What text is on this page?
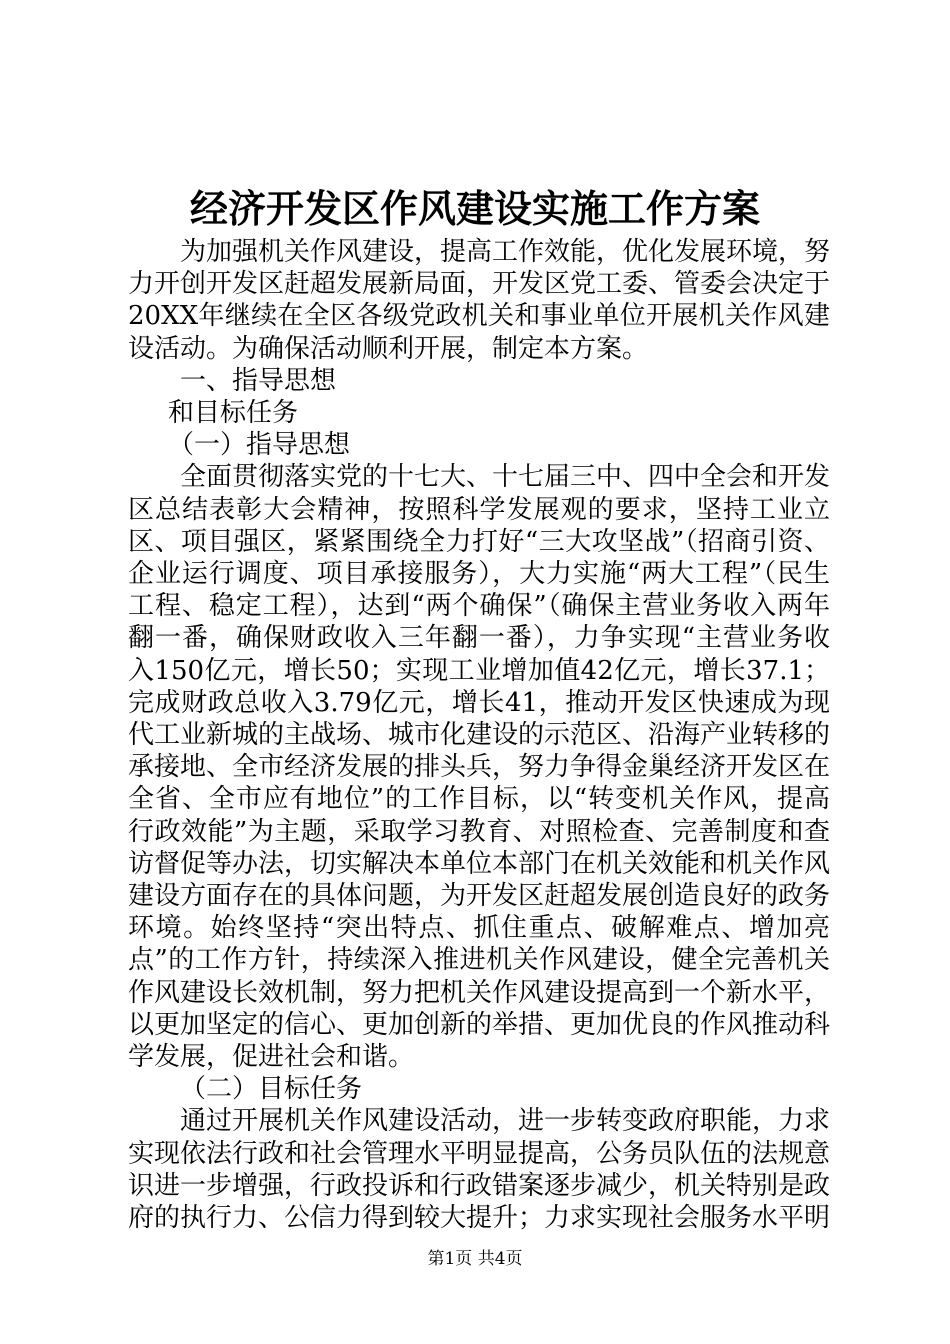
经济开发区作风建设实施工作方案

为加强机关作风建设，提高工作效能，优化发展环境，努力开创开发区赶超发展新局面，开发区党工委、管委会决定于20XX年继续在全区各级党政机关和事业单位开展机关作风建设活动。为确保活动顺利开展，制定本方案。

一、指导思想

和目标任务

（一）指导思想

全面贯彻落实党的十七大、十七届三中、四中全会和开发区总结表彰大会精神，按照科学发展观的要求，坚持工业立区、项目强区，紧紧围绕全力打好“三大攻坚战”（招商引资、企业运行调度、项目承接服务），大力实施“两大工程”（民生工程、稳定工程），达到“两个确保”（确保主营业务收入两年翻一番，确保财政收入三年翻一番），力争实现“主营业务收入150亿元，增长50；实现工业增加值42亿元，增长37.1；完成财政总收入3.79亿元，增长41，推动开发区快速成为现代工业新城的主战场、城市化建设的示范区、沿海产业转移的承接地、全市经济发展的排头兵，努力争得金巢经济开发区在全省、全市应有地位”的工作目标，以“转变机关作风，提高行政效能”为主题，采取学习教育、对照检查、完善制度和查访督促等办法，切实解决本单位本部门在机关效能和机关作风建设方面存在的具体问题，为开发区赶超发展创造良好的政务环境。始终坚持“突出特点、抓住重点、破解难点、增加亮点”的工作方针，持续深入推进机关作风建设，健全完善机关作风建设长效机制，努力把机关作风建设提高到一个新水平，以更加坚定的信心、更加创新的举措、更加优良的作风推动科学发展，促进社会和谐。

（二）目标任务

通过开展机关作风建设活动，进一步转变政府职能，力求实现依法行政和社会管理水平明显提高，公务员队伍的法规意识进一步增强，行政投诉和行政错案逐步减少，机关特别是政府的执行力、公信力得到较大提升；力求实现社会服务水平明

第1页 共4页
